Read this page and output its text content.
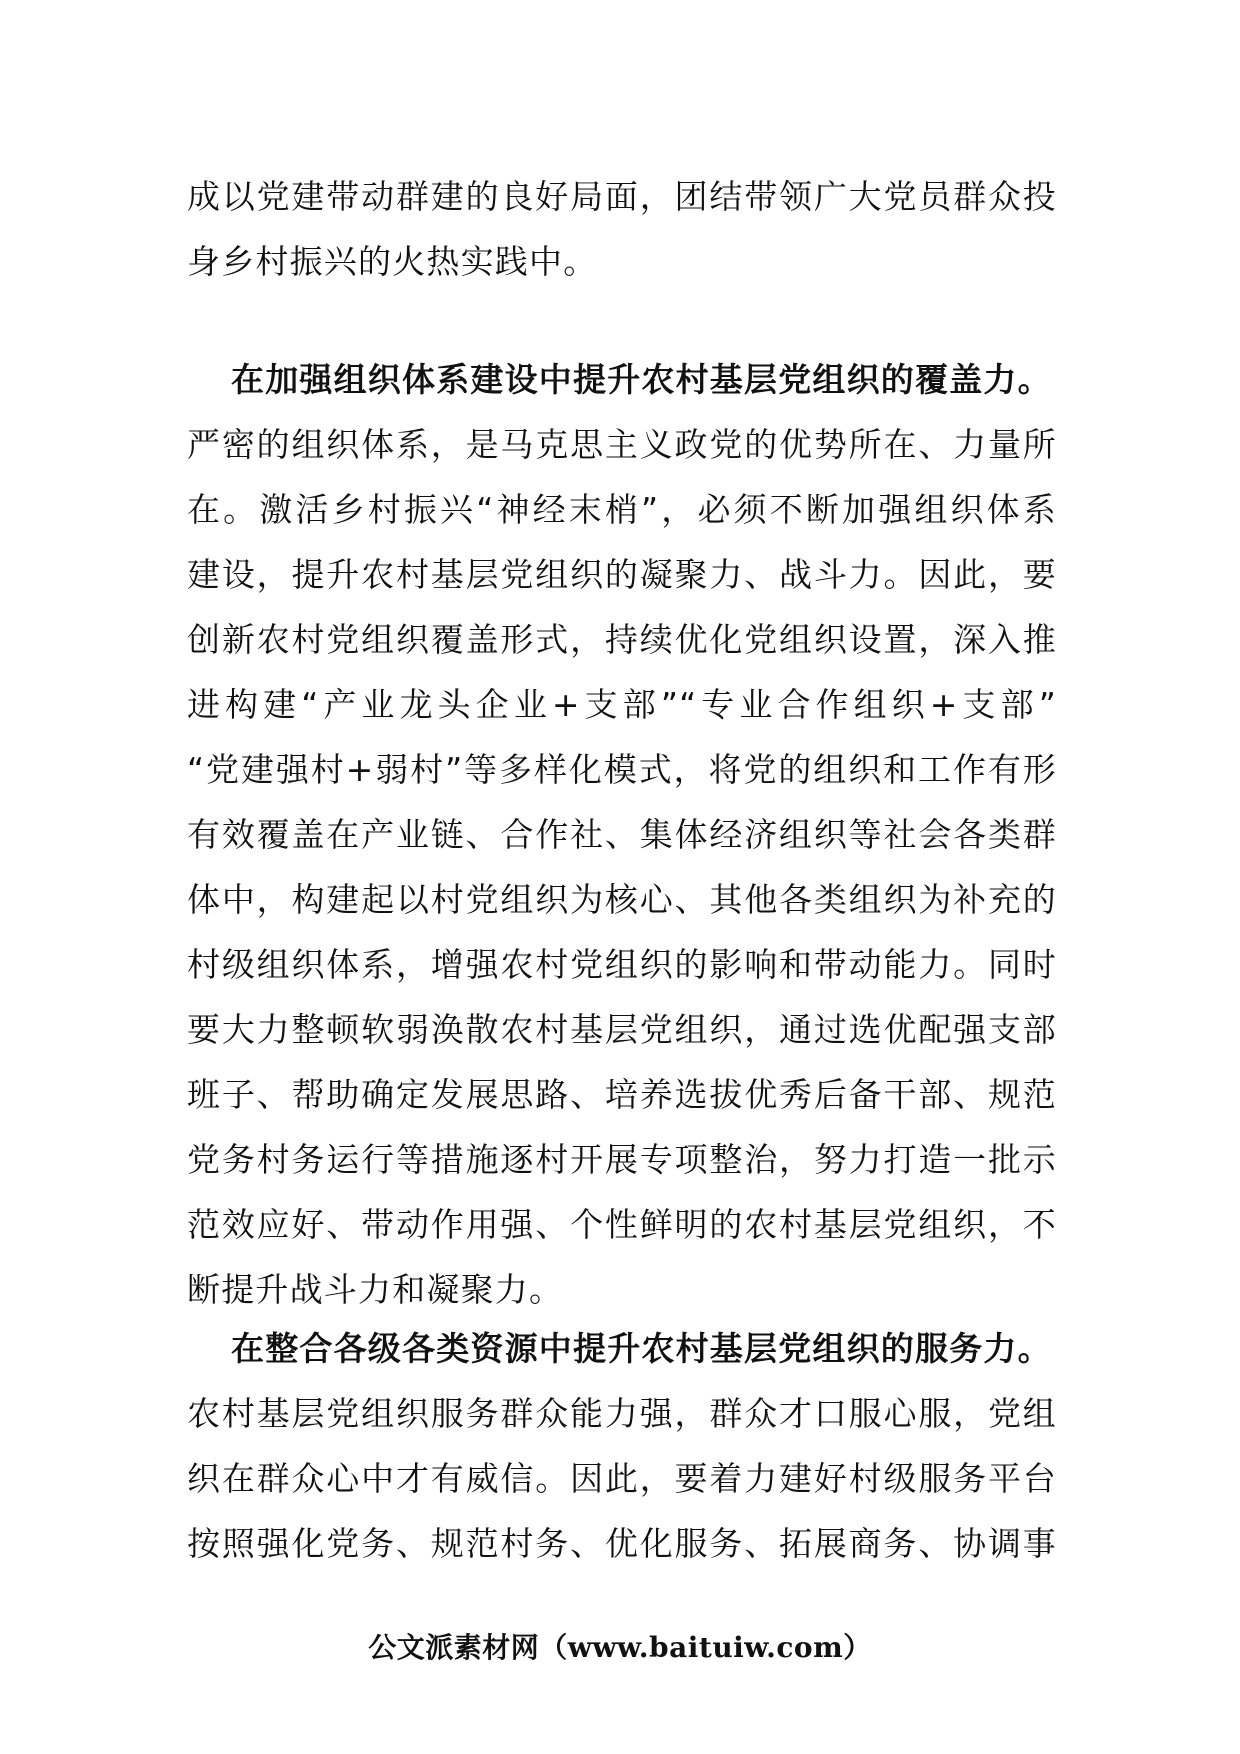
成以党建带动群建的良好局面，团结带领广大党员群众投
身乡村振兴的火热实践中。
在加强组织体系建设中提升农村基层党组织的覆盖力。
严密的组织体系，是马克思主义政党的优势所在、力量所
在。激活乡村振兴“神经末梢”，必须不断加强组织体系
建设，提升农村基层党组织的凝聚力、战斗力。因此，要
创新农村党组织覆盖形式，持续优化党组织设置，深入推
进构建“产业龙头企业+支部”“专业合作组织+支部”
“党建强村+弱村”等多样化模式，将党的组织和工作有形
有效覆盖在产业链、合作社、集体经济组织等社会各类群
体中，构建起以村党组织为核心、其他各类组织为补充的
村级组织体系，增强农村党组织的影响和带动能力。同时
要大力整顿软弱涣散农村基层党组织，通过选优配强支部
班子、帮助确定发展思路、培养选拔优秀后备干部、规范
党务村务运行等措施逐村开展专项整治，努力打造一批示
范效应好、带动作用强、个性鲜明的农村基层党组织，不
断提升战斗力和凝聚力。
在整合各级各类资源中提升农村基层党组织的服务力。
农村基层党组织服务群众能力强，群众才口服心服，党组
织在群众心中才有威信。因此，要着力建好村级服务平台
按照强化党务、规范村务、优化服务、拓展商务、协调事
公文派素材网（www.baituiw.com）
